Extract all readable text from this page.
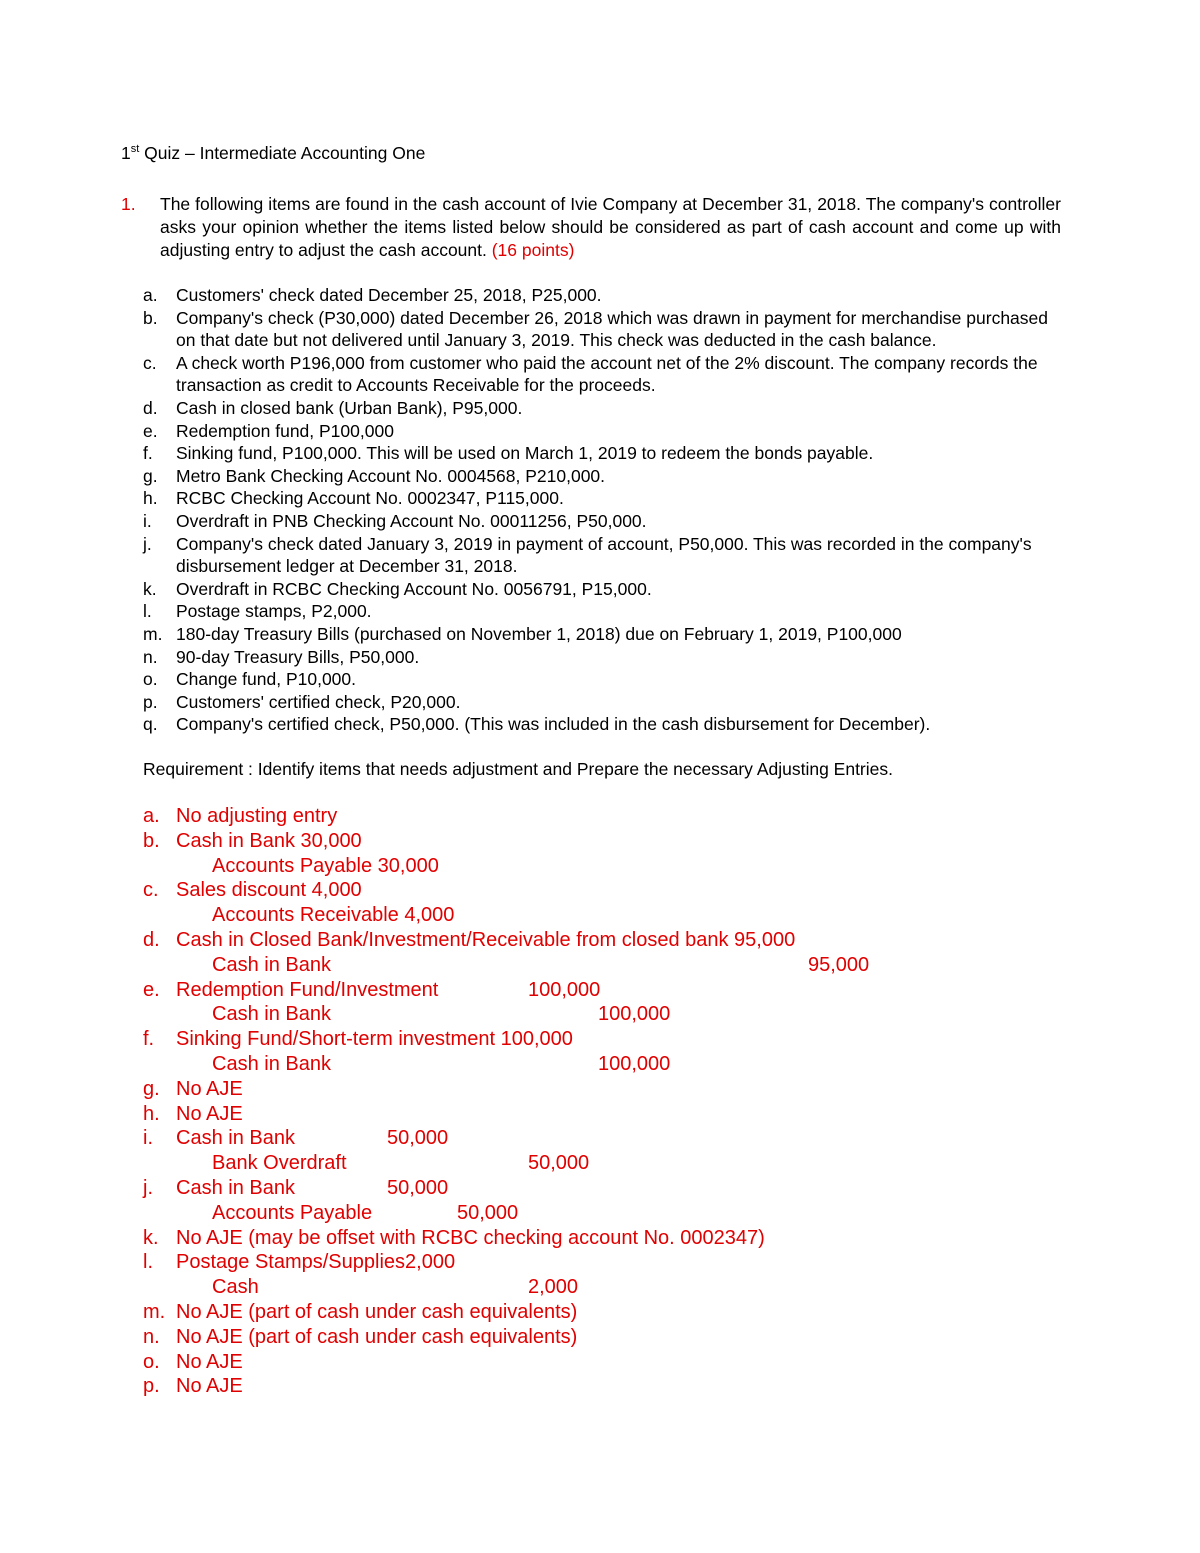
1st Quiz – Intermediate Accounting One
1. The following items are found in the cash account of Ivie Company at December 31, 2018. The company's controller asks your opinion whether the items listed below should be considered as part of cash account and come up with adjusting entry to adjust the cash account. (16 points)
a. Customers' check dated December 25, 2018, P25,000.
b. Company's check (P30,000) dated December 26, 2018 which was drawn in payment for merchandise purchased on that date but not delivered until January 3, 2019. This check was deducted in the cash balance.
c. A check worth P196,000 from customer who paid the account net of the 2% discount. The company records the transaction as credit to Accounts Receivable for the proceeds.
d. Cash in closed bank (Urban Bank), P95,000.
e. Redemption fund, P100,000
f. Sinking fund, P100,000. This will be used on March 1, 2019 to redeem the bonds payable.
g. Metro Bank Checking Account No. 0004568, P210,000.
h. RCBC Checking Account No. 0002347, P115,000.
i. Overdraft in PNB Checking Account No. 00011256, P50,000.
j. Company's check dated January 3, 2019 in payment of account, P50,000. This was recorded in the company's disbursement ledger at December 31, 2018.
k. Overdraft in RCBC Checking Account No. 0056791, P15,000.
l. Postage stamps, P2,000.
m. 180-day Treasury Bills (purchased on November 1, 2018) due on February 1, 2019, P100,000
n. 90-day Treasury Bills, P50,000.
o. Change fund, P10,000.
p. Customers' certified check, P20,000.
q. Company's certified check, P50,000. (This was included in the cash disbursement for December).
Requirement : Identify items that needs adjustment and Prepare the necessary Adjusting Entries.
a. No adjusting entry
b. Cash in Bank 30,000
Accounts Payable 30,000
c. Sales discount 4,000
Accounts Receivable 4,000
d. Cash in Closed Bank/Investment/Receivable from closed bank 95,000
Cash in Bank	95,000
e. Redemption Fund/Investment	100,000
Cash in Bank	100,000
f. Sinking Fund/Short-term investment 100,000
Cash in Bank	100,000
g. No AJE
h. No AJE
i. Cash in Bank	50,000
Bank Overdraft	50,000
j. Cash in Bank	50,000
Accounts Payable	50,000
k. No AJE (may be offset with RCBC checking account No. 0002347)
l. Postage Stamps/Supplies2,000
Cash	2,000
m. No AJE (part of cash under cash equivalents)
n. No AJE (part of cash under cash equivalents)
o. No AJE
p. No AJE
